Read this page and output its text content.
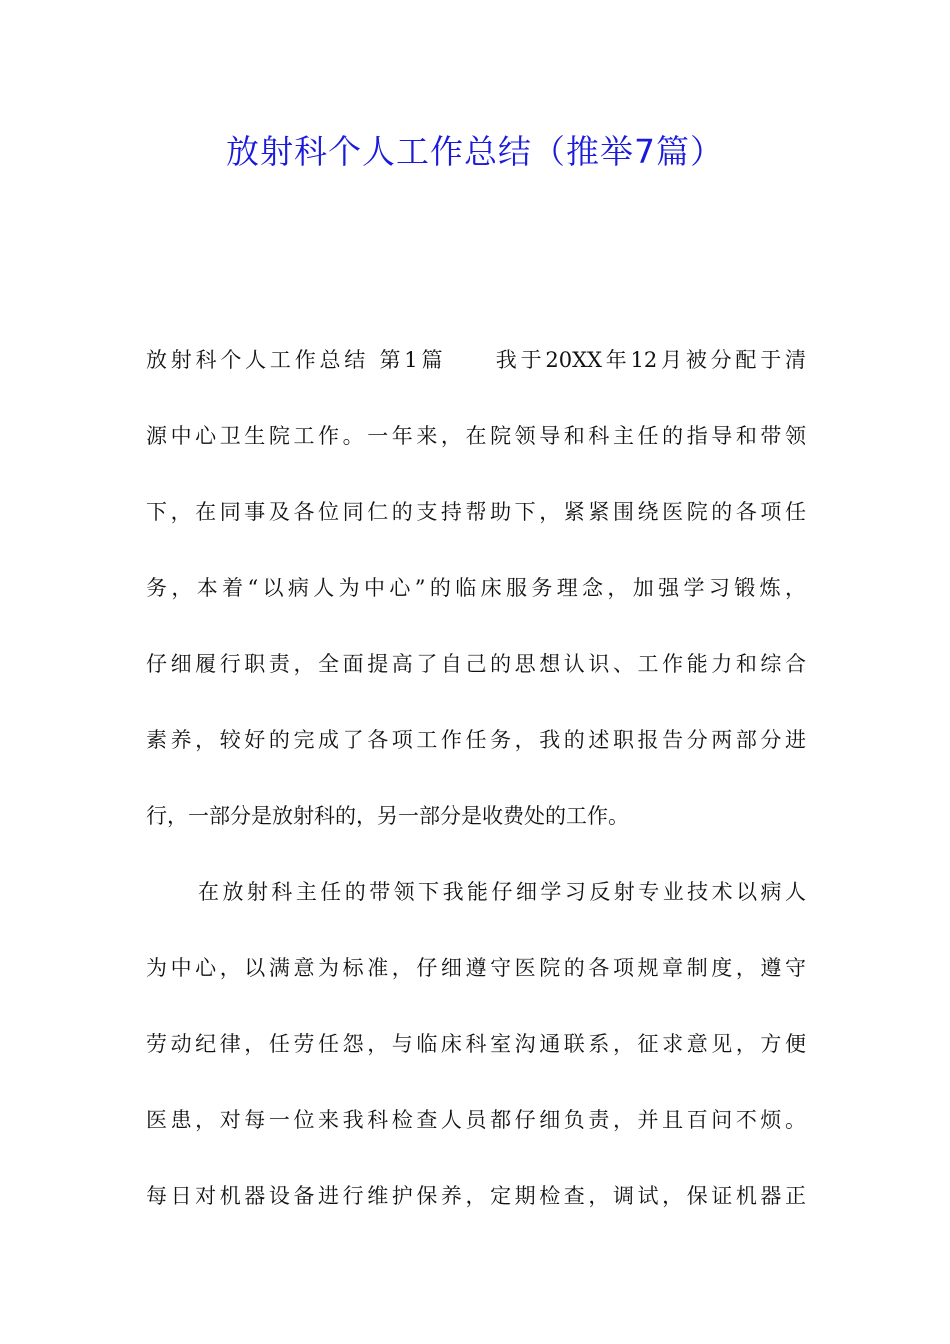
放射科个人工作总结（推举7篇）
放射科个人工作总结 第1篇　　我于20XX年12月被分配于清
源中心卫生院工作。一年来，在院领导和科主任的指导和带领
下，在同事及各位同仁的支持帮助下，紧紧围绕医院的各项任
务，本着“以病人为中心”的临床服务理念，加强学习锻炼，
仔细履行职责，全面提高了自己的思想认识、工作能力和综合
素养，较好的完成了各项工作任务，我的述职报告分两部分进
行，一部分是放射科的，另一部分是收费处的工作。
在放射科主任的带领下我能仔细学习反射专业技术以病人
为中心，以满意为标准，仔细遵守医院的各项规章制度，遵守
劳动纪律，任劳任怨，与临床科室沟通联系，征求意见，方便
医患，对每一位来我科检查人员都仔细负责，并且百问不烦。
每日对机器设备进行维护保养，定期检查，调试，保证机器正
